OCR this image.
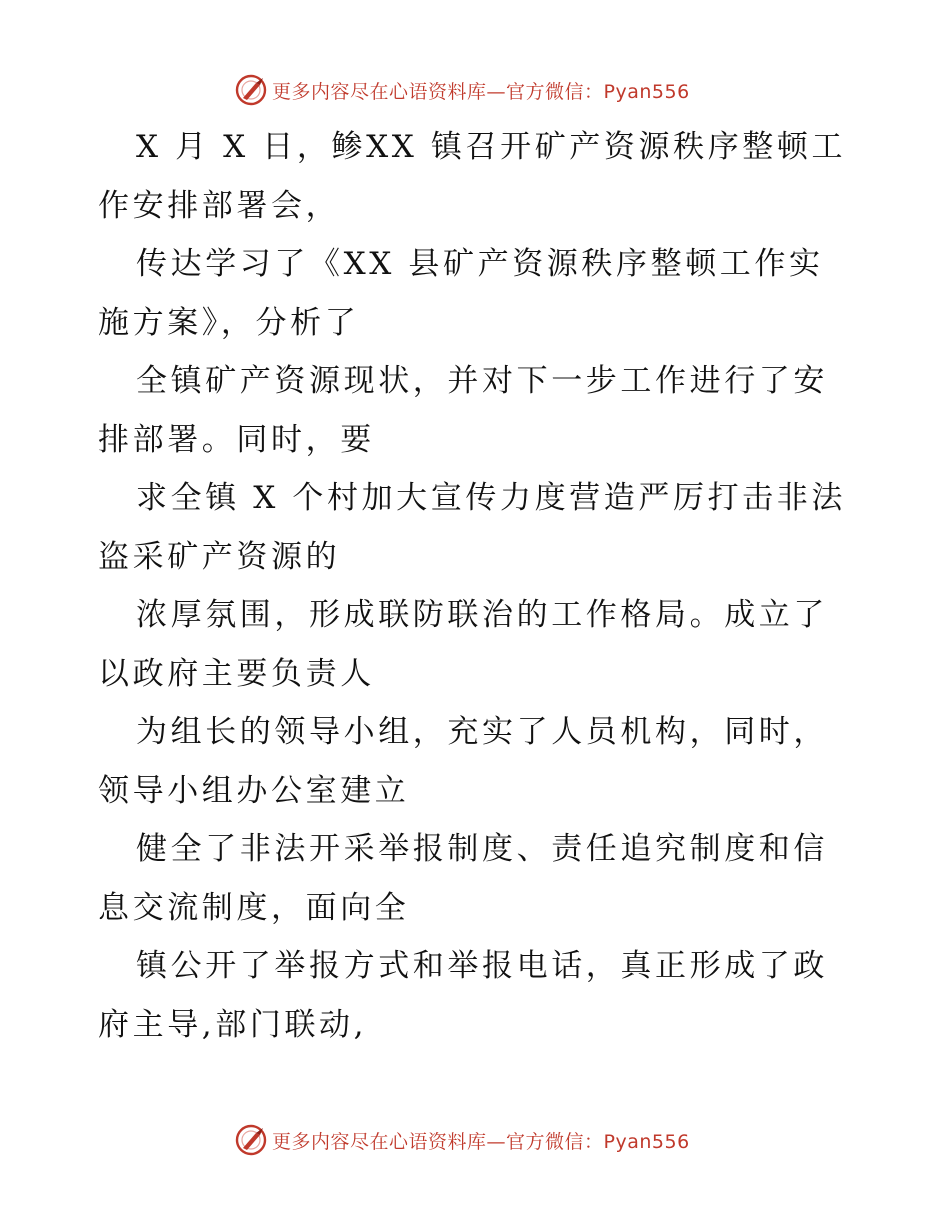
更多内容尽在心语资料库—官方微信：Pyan556

X 月 X 日，鲹XX 镇召开矿产资源秩序整顿工作安排部署会，

传达学习了《XX 县矿产资源秩序整顿工作实施方案》，分析了

全镇矿产资源现状，并对下一步工作进行了安排部署。同时，要

求全镇 X 个村加大宣传力度营造严厉打击非法盗采矿产资源的

浓厚氛围，形成联防联治的工作格局。成立了以政府主要负责人

为组长的领导小组，充实了人员机构，同时，领导小组办公室建立

健全了非法开采举报制度、责任追究制度和信息交流制度，面向全

镇公开了举报方式和举报电话，真正形成了政府主导,部门联动,

更多内容尽在心语资料库—官方微信：Pyan556
